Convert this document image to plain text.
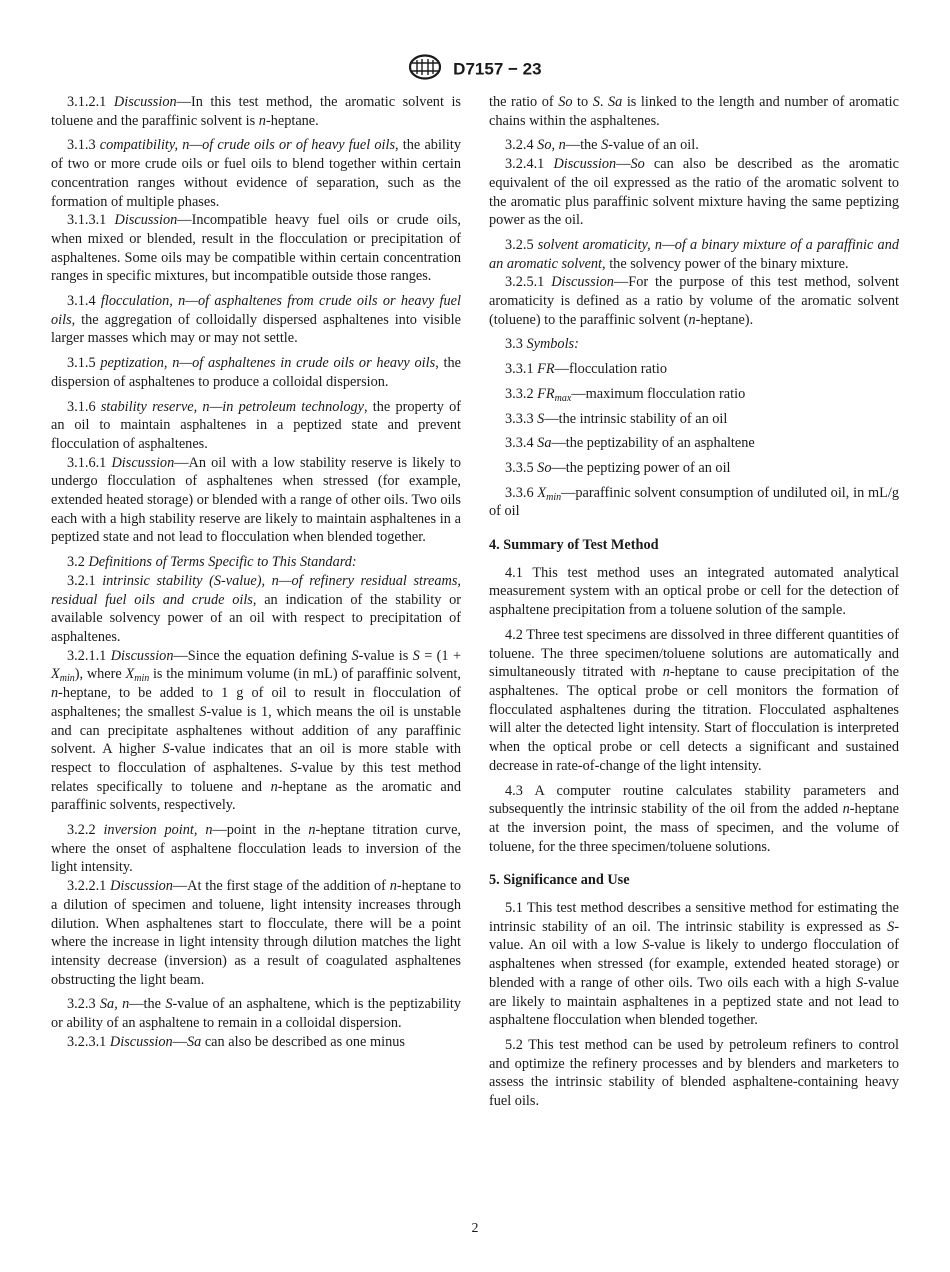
D7157 − 23

3.1.2.1 Discussion—In this test method, the aromatic solvent is toluene and the paraffinic solvent is n-heptane.

3.1.3 compatibility, n—of crude oils or of heavy fuel oils, the ability of two or more crude oils or fuel oils to blend together within certain concentration ranges without evidence of separation, such as the formation of multiple phases.

3.1.3.1 Discussion—Incompatible heavy fuel oils or crude oils, when mixed or blended, result in the flocculation or precipitation of asphaltenes. Some oils may be compatible within certain concentration ranges in specific mixtures, but incompatible outside those ranges.

3.1.4 flocculation, n—of asphaltenes from crude oils or heavy fuel oils, the aggregation of colloidally dispersed asphaltenes into visible larger masses which may or may not settle.

3.1.5 peptization, n—of asphaltenes in crude oils or heavy oils, the dispersion of asphaltenes to produce a colloidal dispersion.

3.1.6 stability reserve, n—in petroleum technology, the property of an oil to maintain asphaltenes in a peptized state and prevent flocculation of asphaltenes.

3.1.6.1 Discussion—An oil with a low stability reserve is likely to undergo flocculation of asphaltenes when stressed (for example, extended heated storage) or blended with a range of other oils. Two oils each with a high stability reserve are likely to maintain asphaltenes in a peptized state and not lead to flocculation when blended together.

3.2 Definitions of Terms Specific to This Standard:

3.2.1 intrinsic stability (S-value), n—of refinery residual streams, residual fuel oils and crude oils, an indication of the stability or available solvency power of an oil with respect to precipitation of asphaltenes.

3.2.1.1 Discussion—Since the equation defining S-value is $S = (1 + X_{min})$, where $X_{min}$ is the minimum volume (in mL) of paraffinic solvent, n-heptane, to be added to 1 g of oil to result in flocculation of asphaltenes; the smallest S-value is 1, which means the oil is unstable and can precipitate asphaltenes without addition of any paraffinic solvent. A higher S-value indicates that an oil is more stable with respect to flocculation of asphaltenes. S-value by this test method relates specifically to toluene and n-heptane as the aromatic and paraffinic solvents, respectively.

3.2.2 inversion point, n—point in the n-heptane titration curve, where the onset of asphaltene flocculation leads to inversion of the light intensity.

3.2.2.1 Discussion—At the first stage of the addition of n-heptane to a dilution of specimen and toluene, light intensity increases through dilution. When asphaltenes start to flocculate, there will be a point where the increase in light intensity through dilution matches the light intensity decrease (inversion) as a result of coagulated asphaltenes obstructing the light beam.

3.2.3 Sa, n—the S-value of an asphaltene, which is the peptizability or ability of an asphaltene to remain in a colloidal dispersion.

3.2.3.1 Discussion—Sa can also be described as one minus

the ratio of So to S. Sa is linked to the length and number of aromatic chains within the asphaltenes.

3.2.4 So, n—the S-value of an oil.

3.2.4.1 Discussion—So can also be described as the aromatic equivalent of the oil expressed as the ratio of the aromatic solvent to the aromatic plus paraffinic solvent mixture having the same peptizing power as the oil.

3.2.5 solvent aromaticity, n—of a binary mixture of a paraffinic and an aromatic solvent, the solvency power of the binary mixture.

3.2.5.1 Discussion—For the purpose of this test method, solvent aromaticity is defined as a ratio by volume of the aromatic solvent (toluene) to the paraffinic solvent (n-heptane).

3.3 Symbols:

3.3.1 FR—flocculation ratio

3.3.2 $FR_{max}—maximum$ flocculation ratio

3.3.3 S—the intrinsic stability of an oil

3.3.4 Sa—the peptizability of an asphaltene

3.3.5 So—the peptizing power of an oil

3.3.6 $X_{min}—paraffinic$ solvent consumption of undiluted oil, in mL/g of oil

4. Summary of Test Method

4.1 This test method uses an integrated automated analytical measurement system with an optical probe or cell for the detection of asphaltene precipitation from a toluene solution of the sample.

4.2 Three test specimens are dissolved in three different quantities of toluene. The three specimen/toluene solutions are automatically and simultaneously titrated with n-heptane to cause precipitation of the asphaltenes. The optical probe or cell monitors the formation of flocculated asphaltenes during the titration. Flocculated asphaltenes will alter the detected light intensity. Start of flocculation is interpreted when the optical probe or cell detects a significant and sustained decrease in rate-of-change of the light intensity.

4.3 A computer routine calculates stability parameters and subsequently the intrinsic stability of the oil from the added n-heptane at the inversion point, the mass of specimen, and the volume of toluene, for the three specimen/toluene solutions.

5. Significance and Use

5.1 This test method describes a sensitive method for estimating the intrinsic stability of an oil. The intrinsic stability is expressed as S-value. An oil with a low S-value is likely to undergo flocculation of asphaltenes when stressed (for example, extended heated storage) or blended with a range of other oils. Two oils each with a high S-value are likely to maintain asphaltenes in a peptized state and not lead to asphaltene flocculation when blended together.

5.2 This test method can be used by petroleum refiners to control and optimize the refinery processes and by blenders and marketers to assess the intrinsic stability of blended asphaltene-containing heavy fuel oils.

2
